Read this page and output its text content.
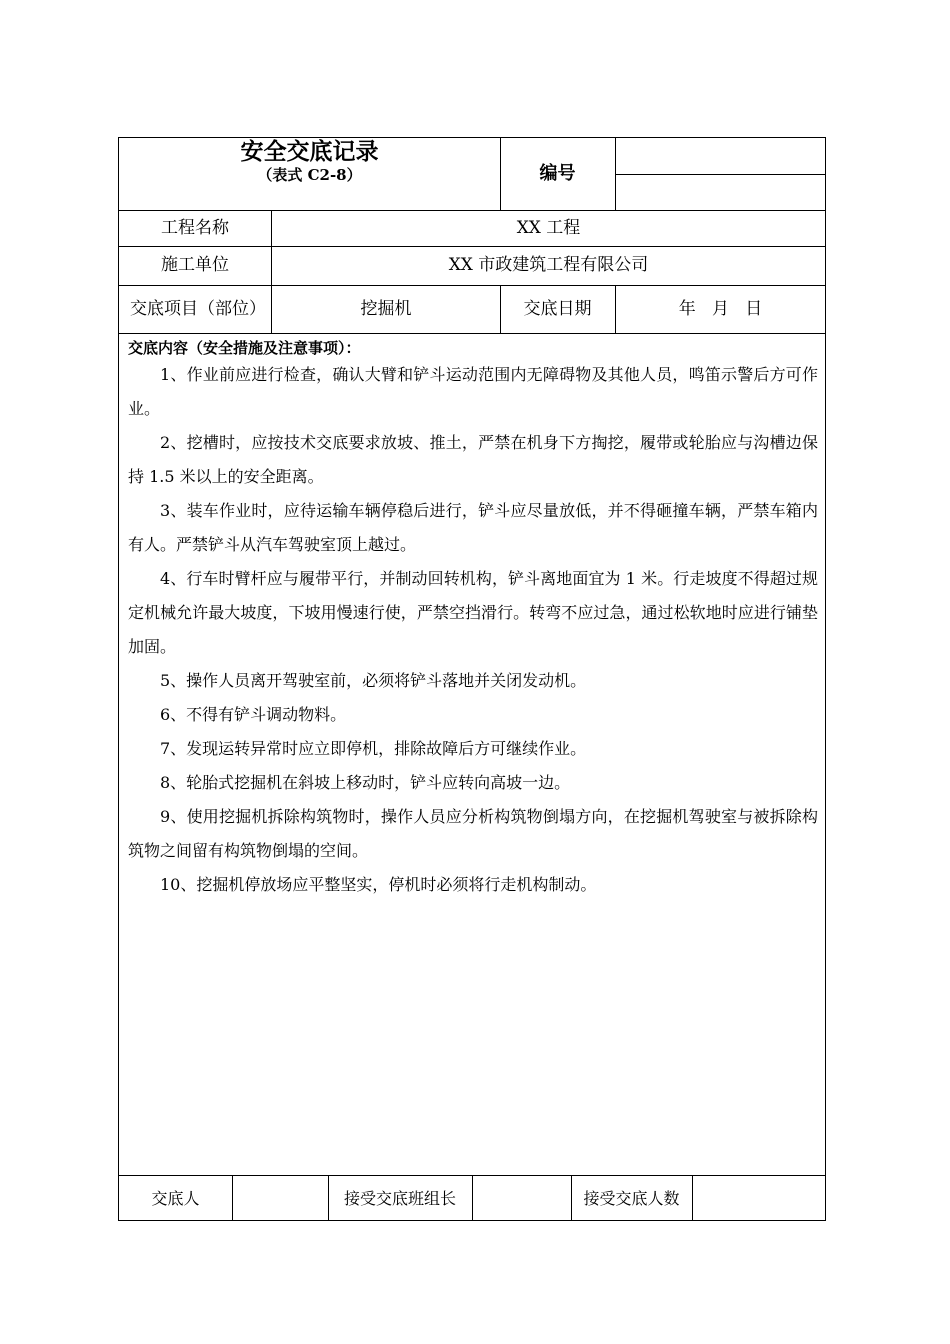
安全交底记录
（表式 C2-8）	编号
工程名称	XX 工程
施工单位	XX 市政建筑工程有限公司
交底项目（部位）	挖掘机	交底日期	年   月   日

交底内容（安全措施及注意事项）：

1、作业前应进行检查，确认大臂和铲斗运动范围内无障碍物及其他人员，鸣笛示警后方可作业。

2、挖槽时，应按技术交底要求放坡、推土，严禁在机身下方掏挖，履带或轮胎应与沟槽边保持 1.5 米以上的安全距离。

3、装车作业时，应待运输车辆停稳后进行，铲斗应尽量放低，并不得砸撞车辆，严禁车箱内有人。严禁铲斗从汽车驾驶室顶上越过。

4、行车时臂杆应与履带平行，并制动回转机构，铲斗离地面宜为 1 米。行走坡度不得超过规定机械允许最大坡度，下坡用慢速行使，严禁空挡滑行。转弯不应过急，通过松软地时应进行铺垫加固。

5、操作人员离开驾驶室前，必须将铲斗落地并关闭发动机。

6、不得有铲斗调动物料。

7、发现运转异常时应立即停机，排除故障后方可继续作业。

8、轮胎式挖掘机在斜坡上移动时，铲斗应转向高坡一边。

9、使用挖掘机拆除构筑物时，操作人员应分析构筑物倒塌方向，在挖掘机驾驶室与被拆除构筑物之间留有构筑物倒塌的空间。

10、挖掘机停放场应平整坚实，停机时必须将行走机构制动。

交底人	接受交底班组长	接受交底人数
